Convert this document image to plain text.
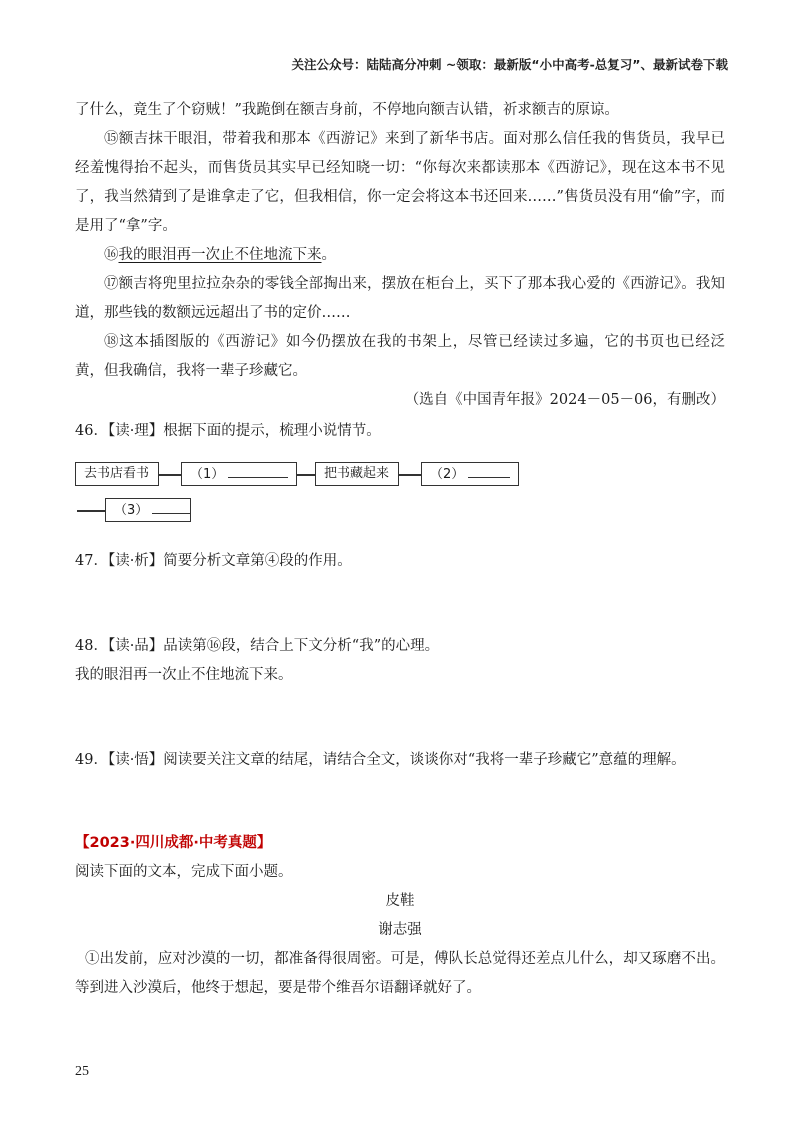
关注公众号：陆陆高分冲刺 ~领取：最新版“小中高考-总复习”、最新试卷下载

了什么，竟生了个窃贼！”我跪倒在额吉身前，不停地向额吉认错，祈求额吉的原谅。

⑮额吉抹干眼泪，带着我和那本《西游记》来到了新华书店。面对那么信任我的售货员，我早已经羞愧得抬不起头，而售货员其实早已经知晓一切：“你每次来都读那本《西游记》，现在这本书不见了，我当然猜到了是谁拿走了它，但我相信，你一定会将这本书还回来……”售货员没有用“偷”字，而是用了“拿”字。

⑯我的眼泪再一次止不住地流下来。

⑰额吉将兜里拉拉杂杂的零钱全部掏出来，摆放在柜台上，买下了那本我心爱的《西游记》。我知道，那些钱的数额远远超出了书的定价……

⑱这本插图版的《西游记》如今仍摆放在我的书架上，尽管已经读过多遍，它的书页也已经泛黄，但我确信，我将一辈子珍藏它。

（选自《中国青年报》2024－05－06，有删改）

46．【读·理】根据下面的提示，梳理小说情节。

去书店看书	（1）	把书藏起来	（2）
（3）

47．【读·析】简要分析文章第④段的作用。

48．【读·品】品读第⑯段，结合上下文分析“我”的心理。

我的眼泪再一次止不住地流下来。

49．【读·悟】阅读要关注文章的结尾，请结合全文，谈谈你对“我将一辈子珍藏它”意蕴的理解。

【2023·四川成都·中考真题】

阅读下面的文本，完成下面小题。

皮鞋

谢志强

①出发前，应对沙漠的一切，都准备得很周密。可是，傅队长总觉得还差点儿什么，却又琢磨不出。等到进入沙漠后，他终于想起，要是带个维吾尔语翻译就好了。

25
